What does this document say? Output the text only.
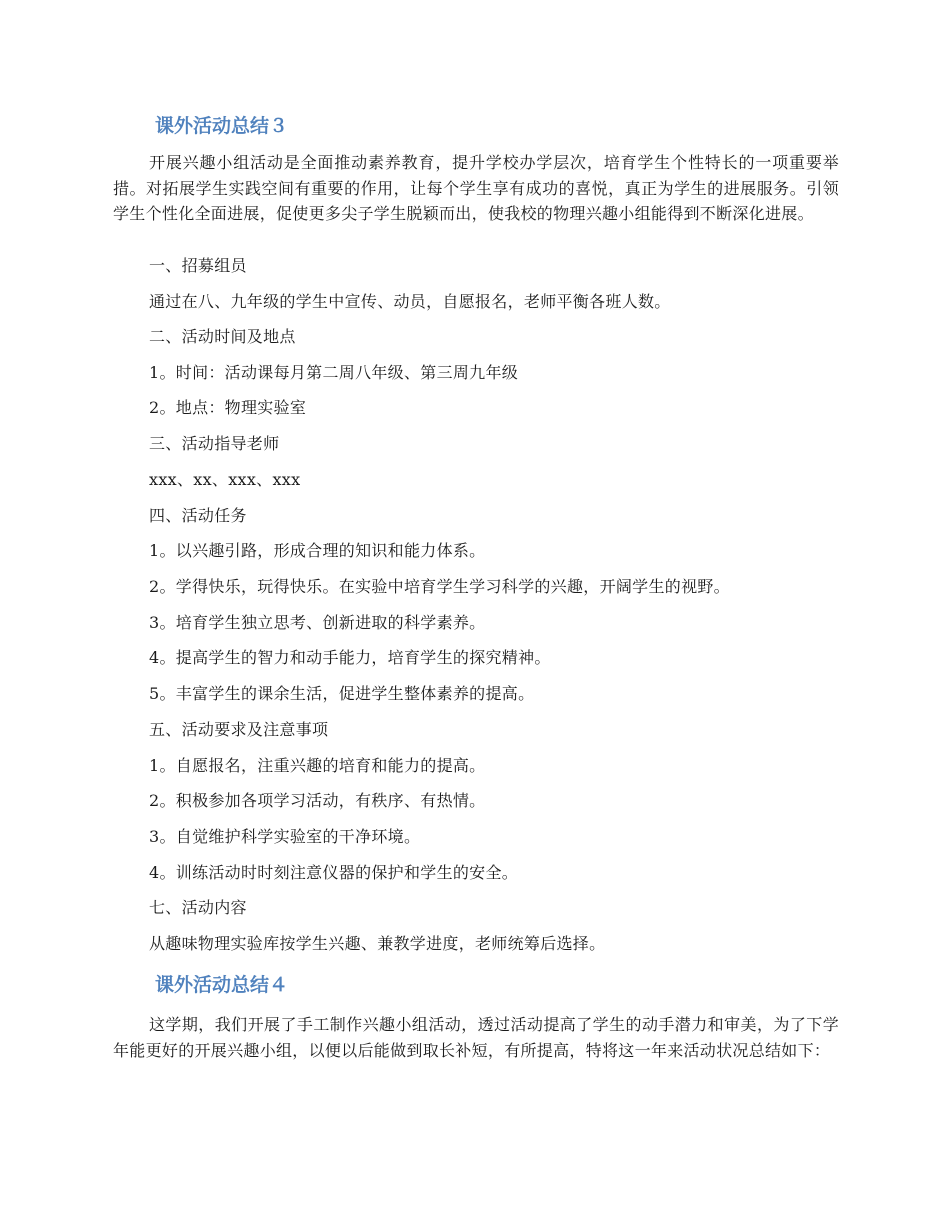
课外活动总结３

开展兴趣小组活动是全面推动素养教育，提升学校办学层次，培育学生个性特长的一项重要举措。对拓展学生实践空间有重要的作用，让每个学生享有成功的喜悦，真正为学生的进展服务。引领学生个性化全面进展，促使更多尖子学生脱颖而出，使我校的物理兴趣小组能得到不断深化进展。

一、招募组员

通过在八、九年级的学生中宣传、动员，自愿报名，老师平衡各班人数。

二、活动时间及地点

1。时间：活动课每月第二周八年级、第三周九年级

2。地点：物理实验室

三、活动指导老师

xxx、xx、xxx、xxx

四、活动任务

1。以兴趣引路，形成合理的知识和能力体系。

2。学得快乐，玩得快乐。在实验中培育学生学习科学的兴趣，开阔学生的视野。

3。培育学生独立思考、创新进取的科学素养。

4。提高学生的智力和动手能力，培育学生的探究精神。

5。丰富学生的课余生活，促进学生整体素养的提高。

五、活动要求及注意事项

1。自愿报名，注重兴趣的培育和能力的提高。

2。积极参加各项学习活动，有秩序、有热情。

3。自觉维护科学实验室的干净环境。

4。训练活动时时刻注意仪器的保护和学生的安全。

七、活动内容

从趣味物理实验库按学生兴趣、兼教学进度，老师统筹后选择。

课外活动总结４

这学期，我们开展了手工制作兴趣小组活动，透过活动提高了学生的动手潜力和审美，为了下学年能更好的开展兴趣小组，以便以后能做到取长补短，有所提高，特将这一年来活动状况总结如下：
